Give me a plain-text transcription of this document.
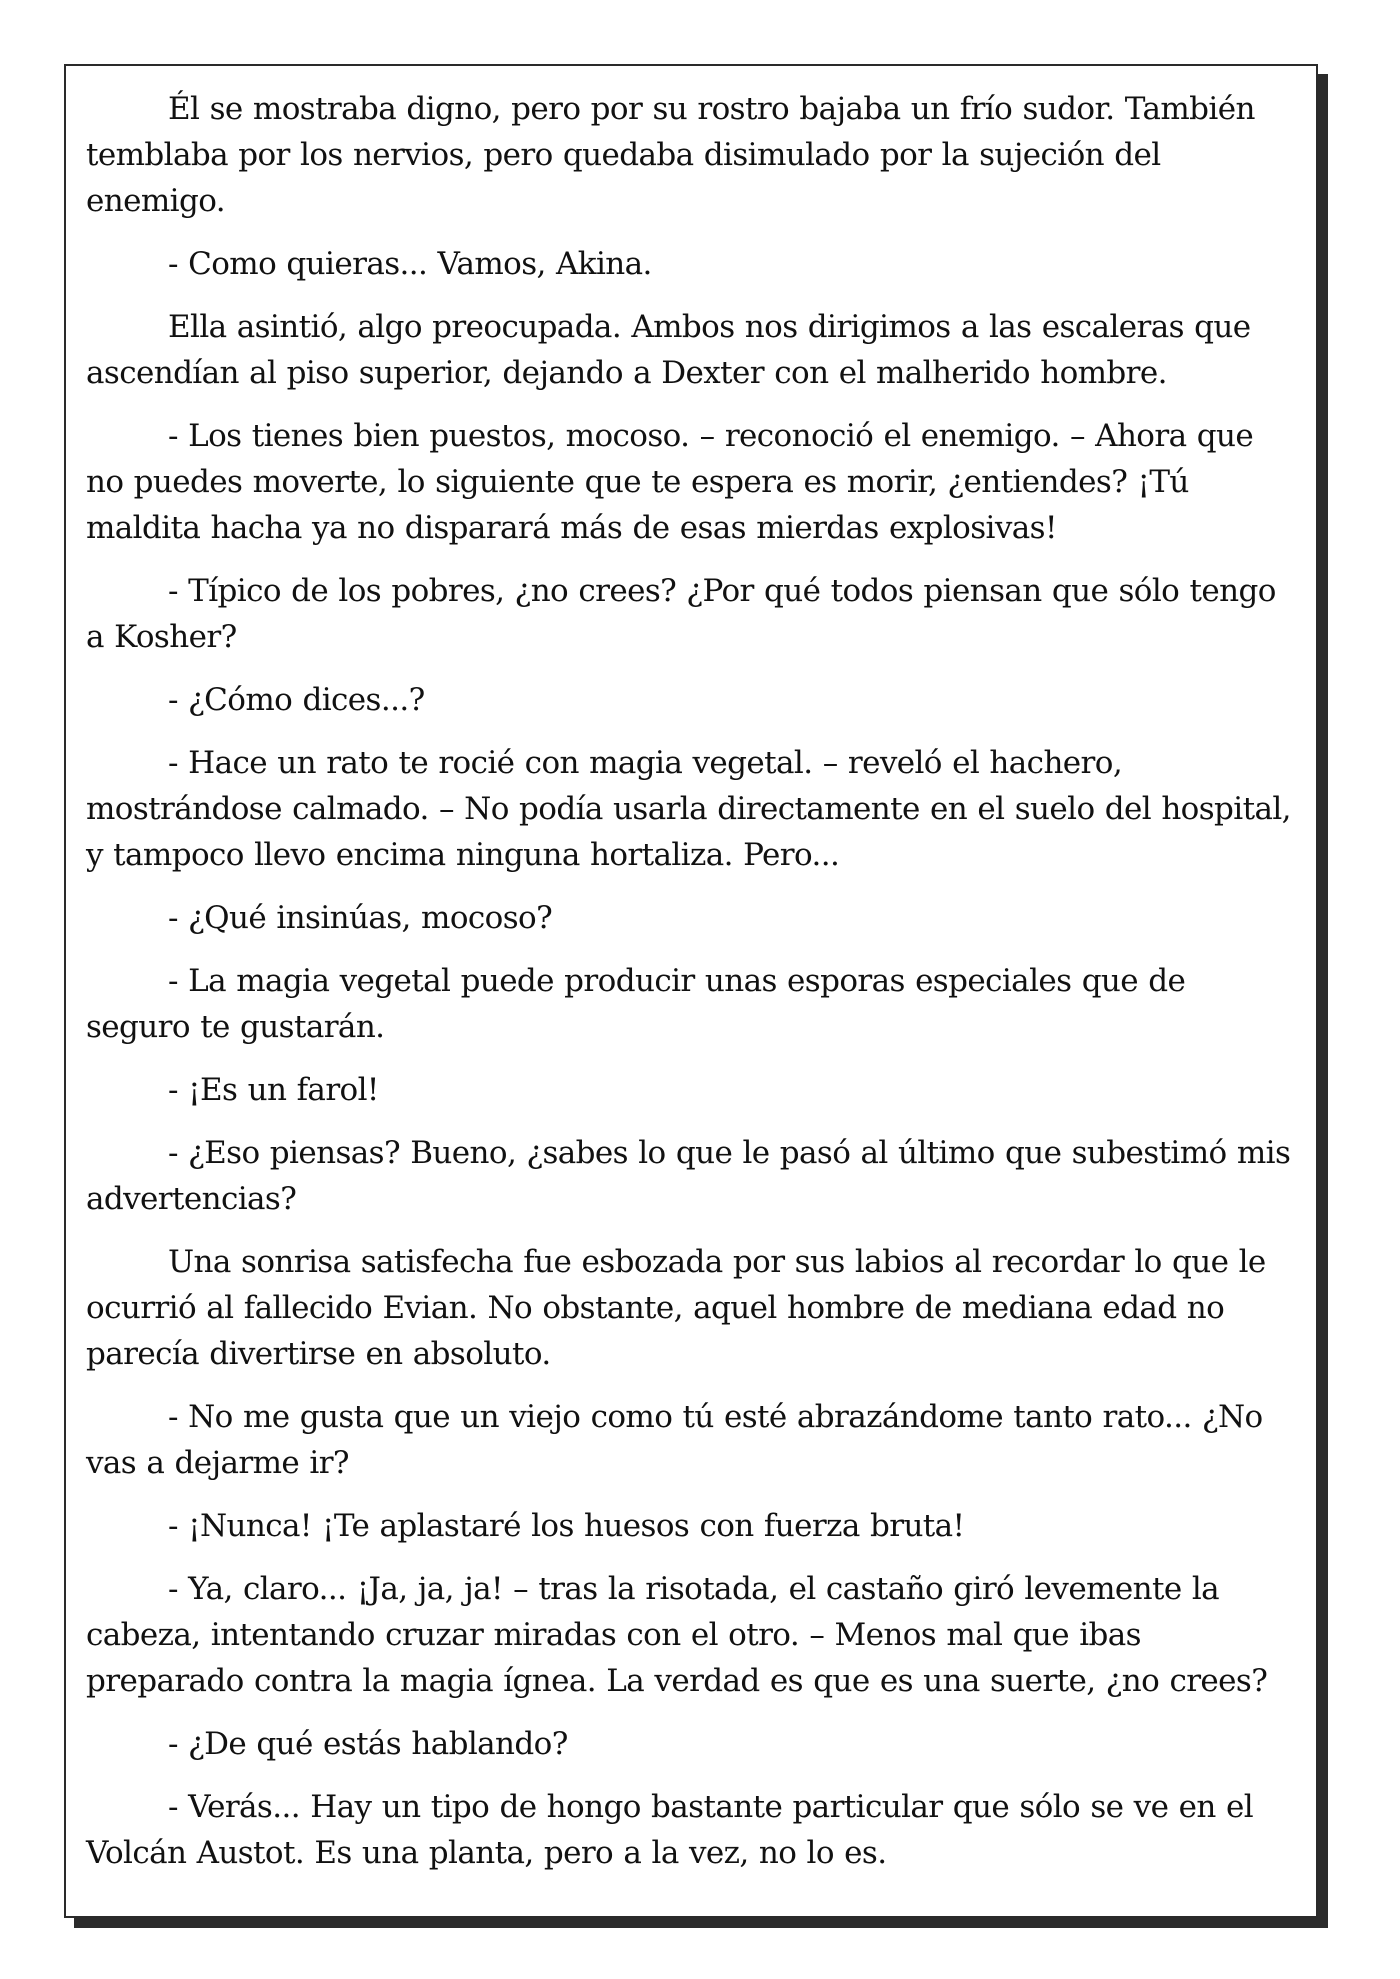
Él se mostraba digno, pero por su rostro bajaba un frío sudor. También temblaba por los nervios, pero quedaba disimulado por la sujeción del enemigo.

- Como quieras... Vamos, Akina.

Ella asintió, algo preocupada. Ambos nos dirigimos a las escaleras que ascendían al piso superior, dejando a Dexter con el malherido hombre.

- Los tienes bien puestos, mocoso. – reconoció el enemigo. – Ahora que no puedes moverte, lo siguiente que te espera es morir, ¿entiendes? ¡Tú maldita hacha ya no disparará más de esas mierdas explosivas!

- Típico de los pobres, ¿no crees? ¿Por qué todos piensan que sólo tengo a Kosher?

- ¿Cómo dices...?

- Hace un rato te rocié con magia vegetal. – reveló el hachero, mostrándose calmado. – No podía usarla directamente en el suelo del hospital, y tampoco llevo encima ninguna hortaliza. Pero...

- ¿Qué insinúas, mocoso?

- La magia vegetal puede producir unas esporas especiales que de seguro te gustarán.

- ¡Es un farol!

- ¿Eso piensas? Bueno, ¿sabes lo que le pasó al último que subestimó mis advertencias?

Una sonrisa satisfecha fue esbozada por sus labios al recordar lo que le ocurrió al fallecido Evian. No obstante, aquel hombre de mediana edad no parecía divertirse en absoluto.

- No me gusta que un viejo como tú esté abrazándome tanto rato... ¿No vas a dejarme ir?

- ¡Nunca! ¡Te aplastaré los huesos con fuerza bruta!

- Ya, claro... ¡Ja, ja, ja! – tras la risotada, el castaño giró levemente la cabeza, intentando cruzar miradas con el otro. – Menos mal que ibas preparado contra la magia ígnea. La verdad es que es una suerte, ¿no crees?

- ¿De qué estás hablando?

- Verás... Hay un tipo de hongo bastante particular que sólo se ve en el Volcán Austot. Es una planta, pero a la vez, no lo es.
